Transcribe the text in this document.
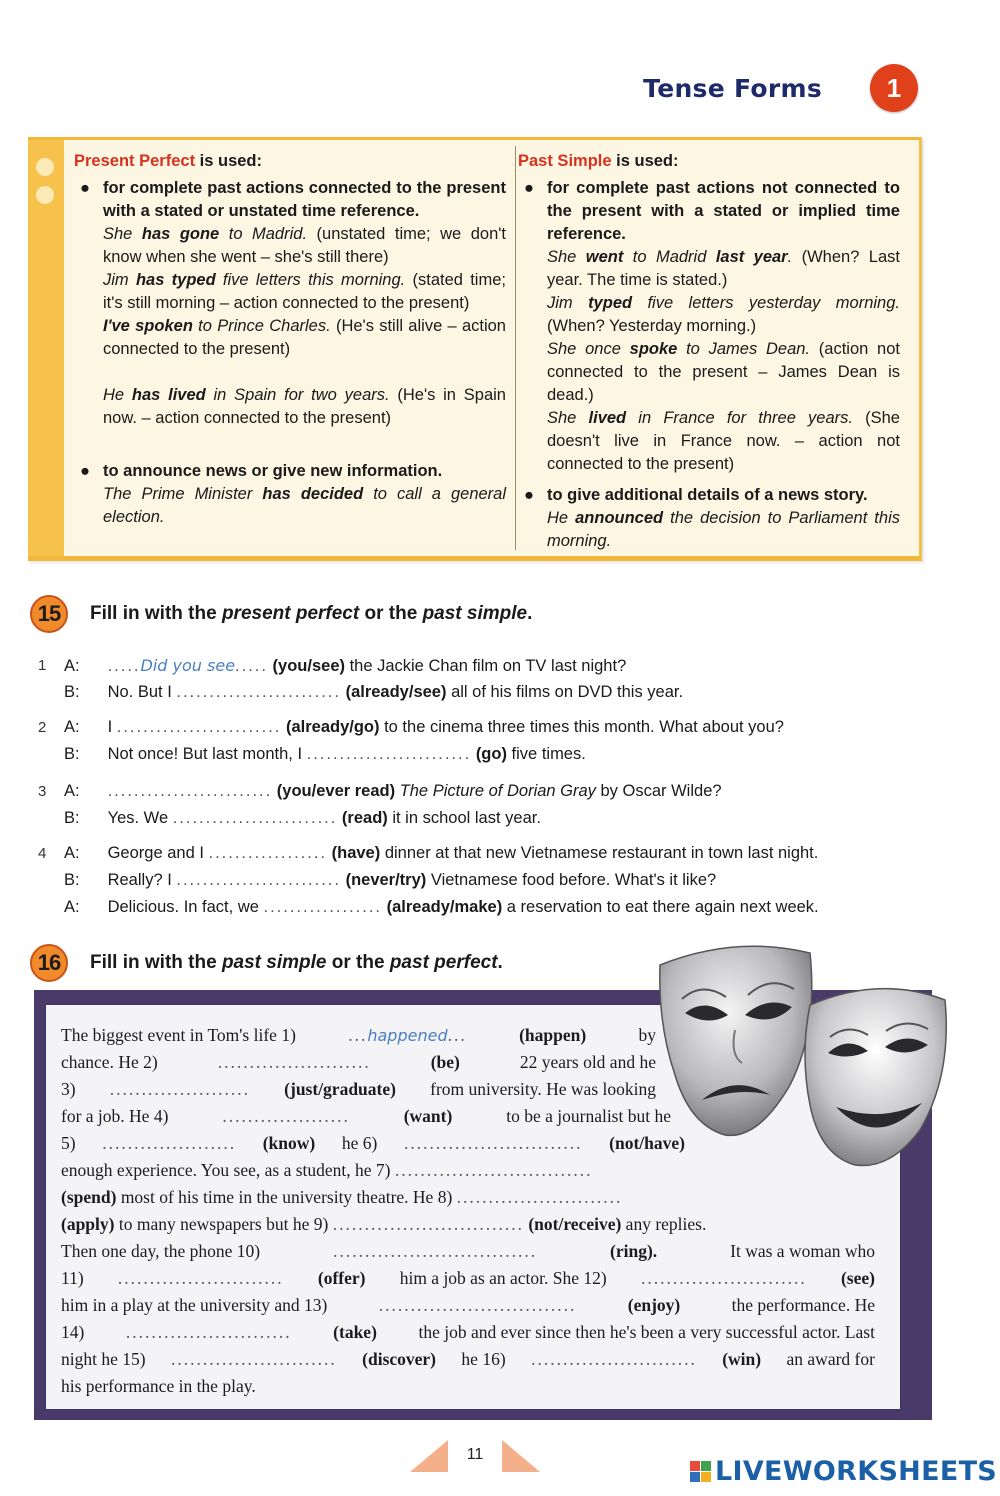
Tense Forms	1
Present Perfect is used:
● for complete past actions connected to the present with a stated or unstated time reference.
She has gone to Madrid. (unstated time; we don't know when she went – she's still there)
Jim has typed five letters this morning. (stated time; it's still morning – action connected to the present)
I've spoken to Prince Charles. (He's still alive – action connected to the present)
He has lived in Spain for two years. (He's in Spain now. – action connected to the present)
● to announce news or give new information.
The Prime Minister has decided to call a general election.
Past Simple is used:
● for complete past actions not connected to the present with a stated or implied time reference.
She went to Madrid last year. (When? Last year. The time is stated.)
Jim typed five letters yesterday morning. (When? Yesterday morning.)
She once spoke to James Dean. (action not connected to the present – James Dean is dead.)
She lived in France for three years. (She doesn't live in France now. – action not connected to the present)
● to give additional details of a news story.
He announced the decision to Parliament this morning.
15	Fill in with the present perfect or the past simple.
1 A: .....Did you see..... (you/see) the Jackie Chan film on TV last night?
B: No. But I ......................... (already/see) all of his films on DVD this year.
2 A: I ......................... (already/go) to the cinema three times this month. What about you?
B: Not once! But last month, I ......................... (go) five times.
3 A: ......................... (you/ever read) The Picture of Dorian Gray by Oscar Wilde?
B: Yes. We ......................... (read) it in school last year.
4 A: George and I .................. (have) dinner at that new Vietnamese restaurant in town last night.
B: Really? I ......................... (never/try) Vietnamese food before. What's it like?
A: Delicious. In fact, we .................. (already/make) a reservation to eat there again next week.
16	Fill in with the past simple or the past perfect.
The biggest event in Tom's life 1)	...happened...	(happen)	by
chance. He 2)	........................	(be)	22 years old and he
3) ...................... (just/graduate) from university. He was looking
for a job. He 4)	....................	(want)	to be a journalist but he
5) ..................... (know) he 6) ............................ (not/have)
enough experience. You see, as a student, he 7)
...............................
(spend)
most of his time in the university theatre. He 8)
..........................
(apply)
to many newspapers but he 9)
..............................
(not/receive)
any replies.
Then one day, the phone 10)	................................	(ring).	It was a woman who
11) .......................... (offer) him a job as an actor. She 12) .......................... (see)
him in a play at the university and 13)	...............................	(enjoy)	the performance. He
14) .......................... (take) the job and ever since then he's been a very successful actor. Last
night he 15) .......................... (discover) he 16) .......................... (win) an award for
his performance in the play.
11
LIVEWORKSHEETS
